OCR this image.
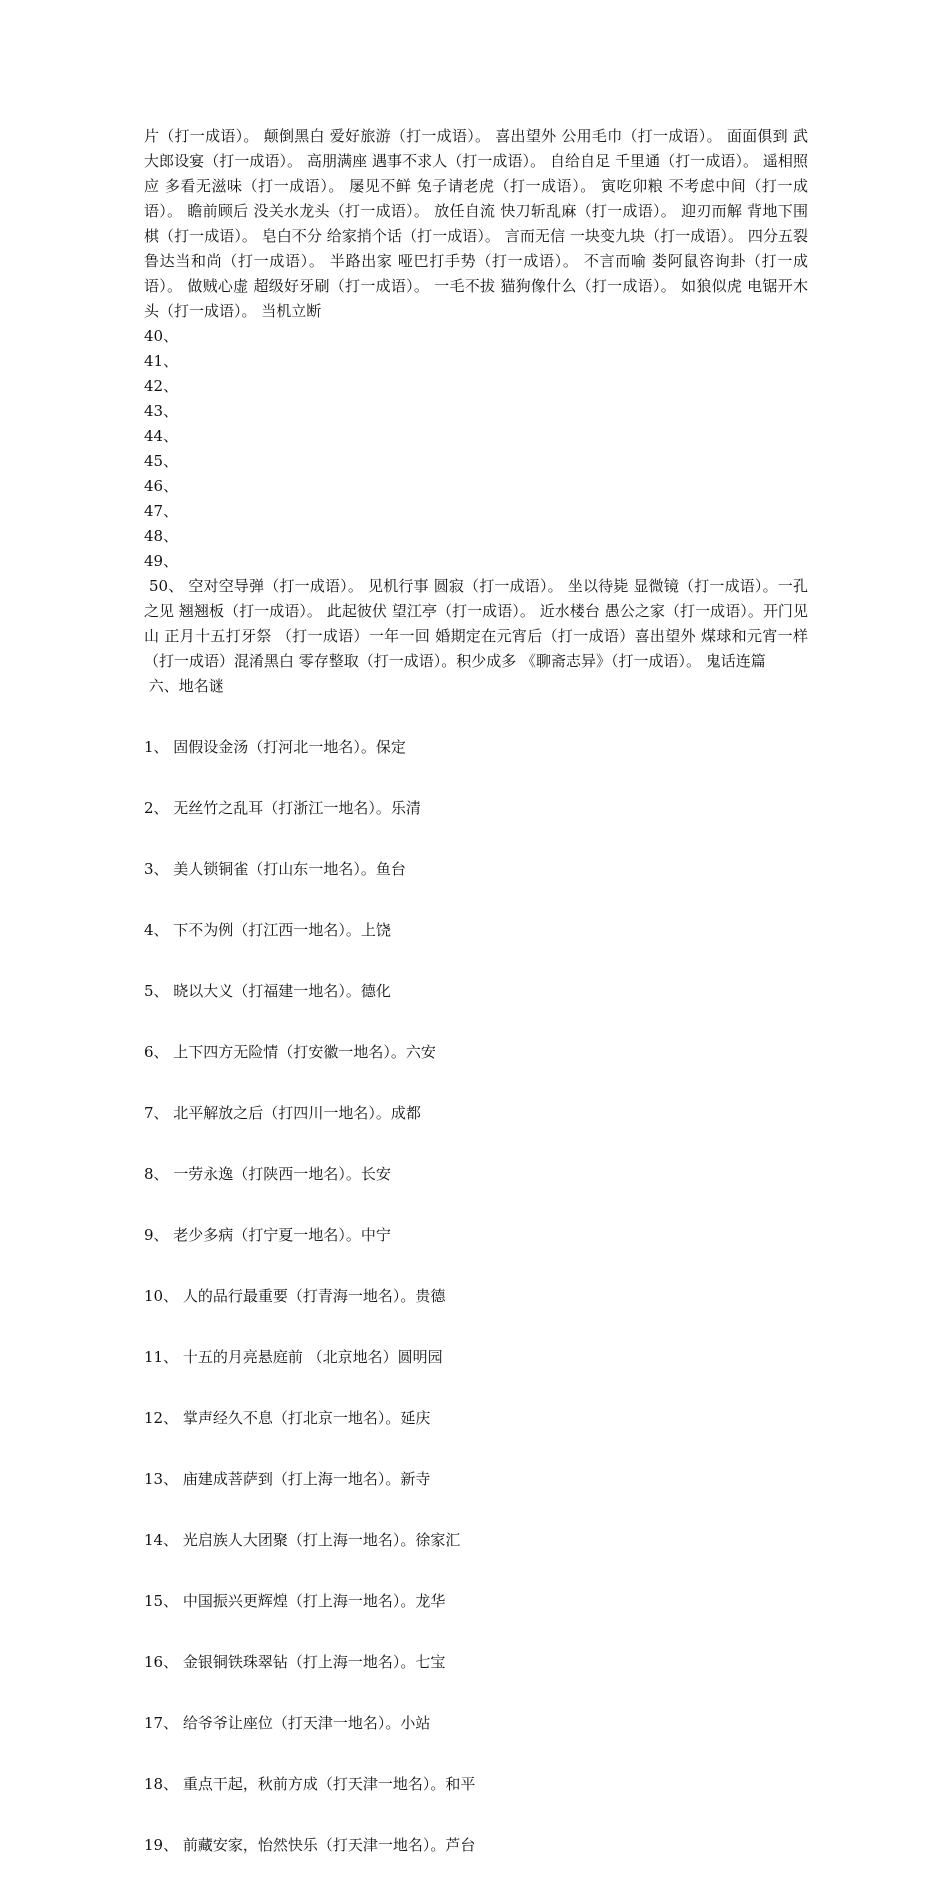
片（打一成语）。 颠倒黑白 爱好旅游（打一成语）。 喜出望外 公用毛巾（打一成语）。 面面俱到 武大郎设宴（打一成语）。 高朋满座 遇事不求人（打一成语）。 自给自足 千里通（打一成语）。 遥相照应 多看无滋味（打一成语）。 屡见不鲜 兔子请老虎（打一成语）。 寅吃卯粮 不考虑中间（打一成语）。 瞻前顾后 没关水龙头（打一成语）。 放任自流 快刀斩乱麻（打一成语）。 迎刃而解 背地下围棋（打一成语）。 皂白不分 给家捎个话（打一成语）。 言而无信 一块变九块（打一成语）。 四分五裂 鲁达当和尚（打一成语）。 半路出家 哑巴打手势（打一成语）。 不言而喻 娄阿鼠咨询卦（打一成语）。 做贼心虚 超级好牙刷（打一成语）。 一毛不拔 猫狗像什么（打一成语）。 如狼似虎 电锯开木头（打一成语）。 当机立断

40、
41、
42、
43、
44、
45、
46、
47、
48、
49、

50、 空对空导弹（打一成语）。 见机行事 圆寂（打一成语）。 坐以待毙 显微镜（打一成语）。一孔之见 翘翘板（打一成语）。 此起彼伏 望江亭（打一成语）。 近水楼台 愚公之家（打一成语）。开门见山 正月十五打牙祭 （打一成语）一年一回 婚期定在元宵后（打一成语）喜出望外 煤球和元宵一样 （打一成语）混淆黑白 零存整取（打一成语）。积少成多 《聊斋志异》（打一成语）。 鬼话连篇

六、地名谜

1、 固假设金汤（打河北一地名）。保定

2、 无丝竹之乱耳（打浙江一地名）。乐清

3、 美人锁铜雀（打山东一地名）。鱼台

4、 下不为例（打江西一地名）。上饶

5、 晓以大义（打福建一地名）。德化

6、 上下四方无险情（打安徽一地名）。六安

7、 北平解放之后（打四川一地名）。成都

8、 一劳永逸（打陕西一地名）。长安

9、 老少多病（打宁夏一地名）。中宁

10、 人的品行最重要（打青海一地名）。贵德

11、 十五的月亮悬庭前 （北京地名）圆明园

12、 掌声经久不息（打北京一地名）。延庆

13、 庙建成菩萨到（打上海一地名）。新寺

14、 光启族人大团聚（打上海一地名）。徐家汇

15、 中国振兴更辉煌（打上海一地名）。龙华

16、 金银铜铁珠翠钻（打上海一地名）。七宝

17、 给爷爷让座位（打天津一地名）。小站

18、 重点干起，秋前方成（打天津一地名）。和平

19、 前藏安家，怡然快乐（打天津一地名）。芦台
